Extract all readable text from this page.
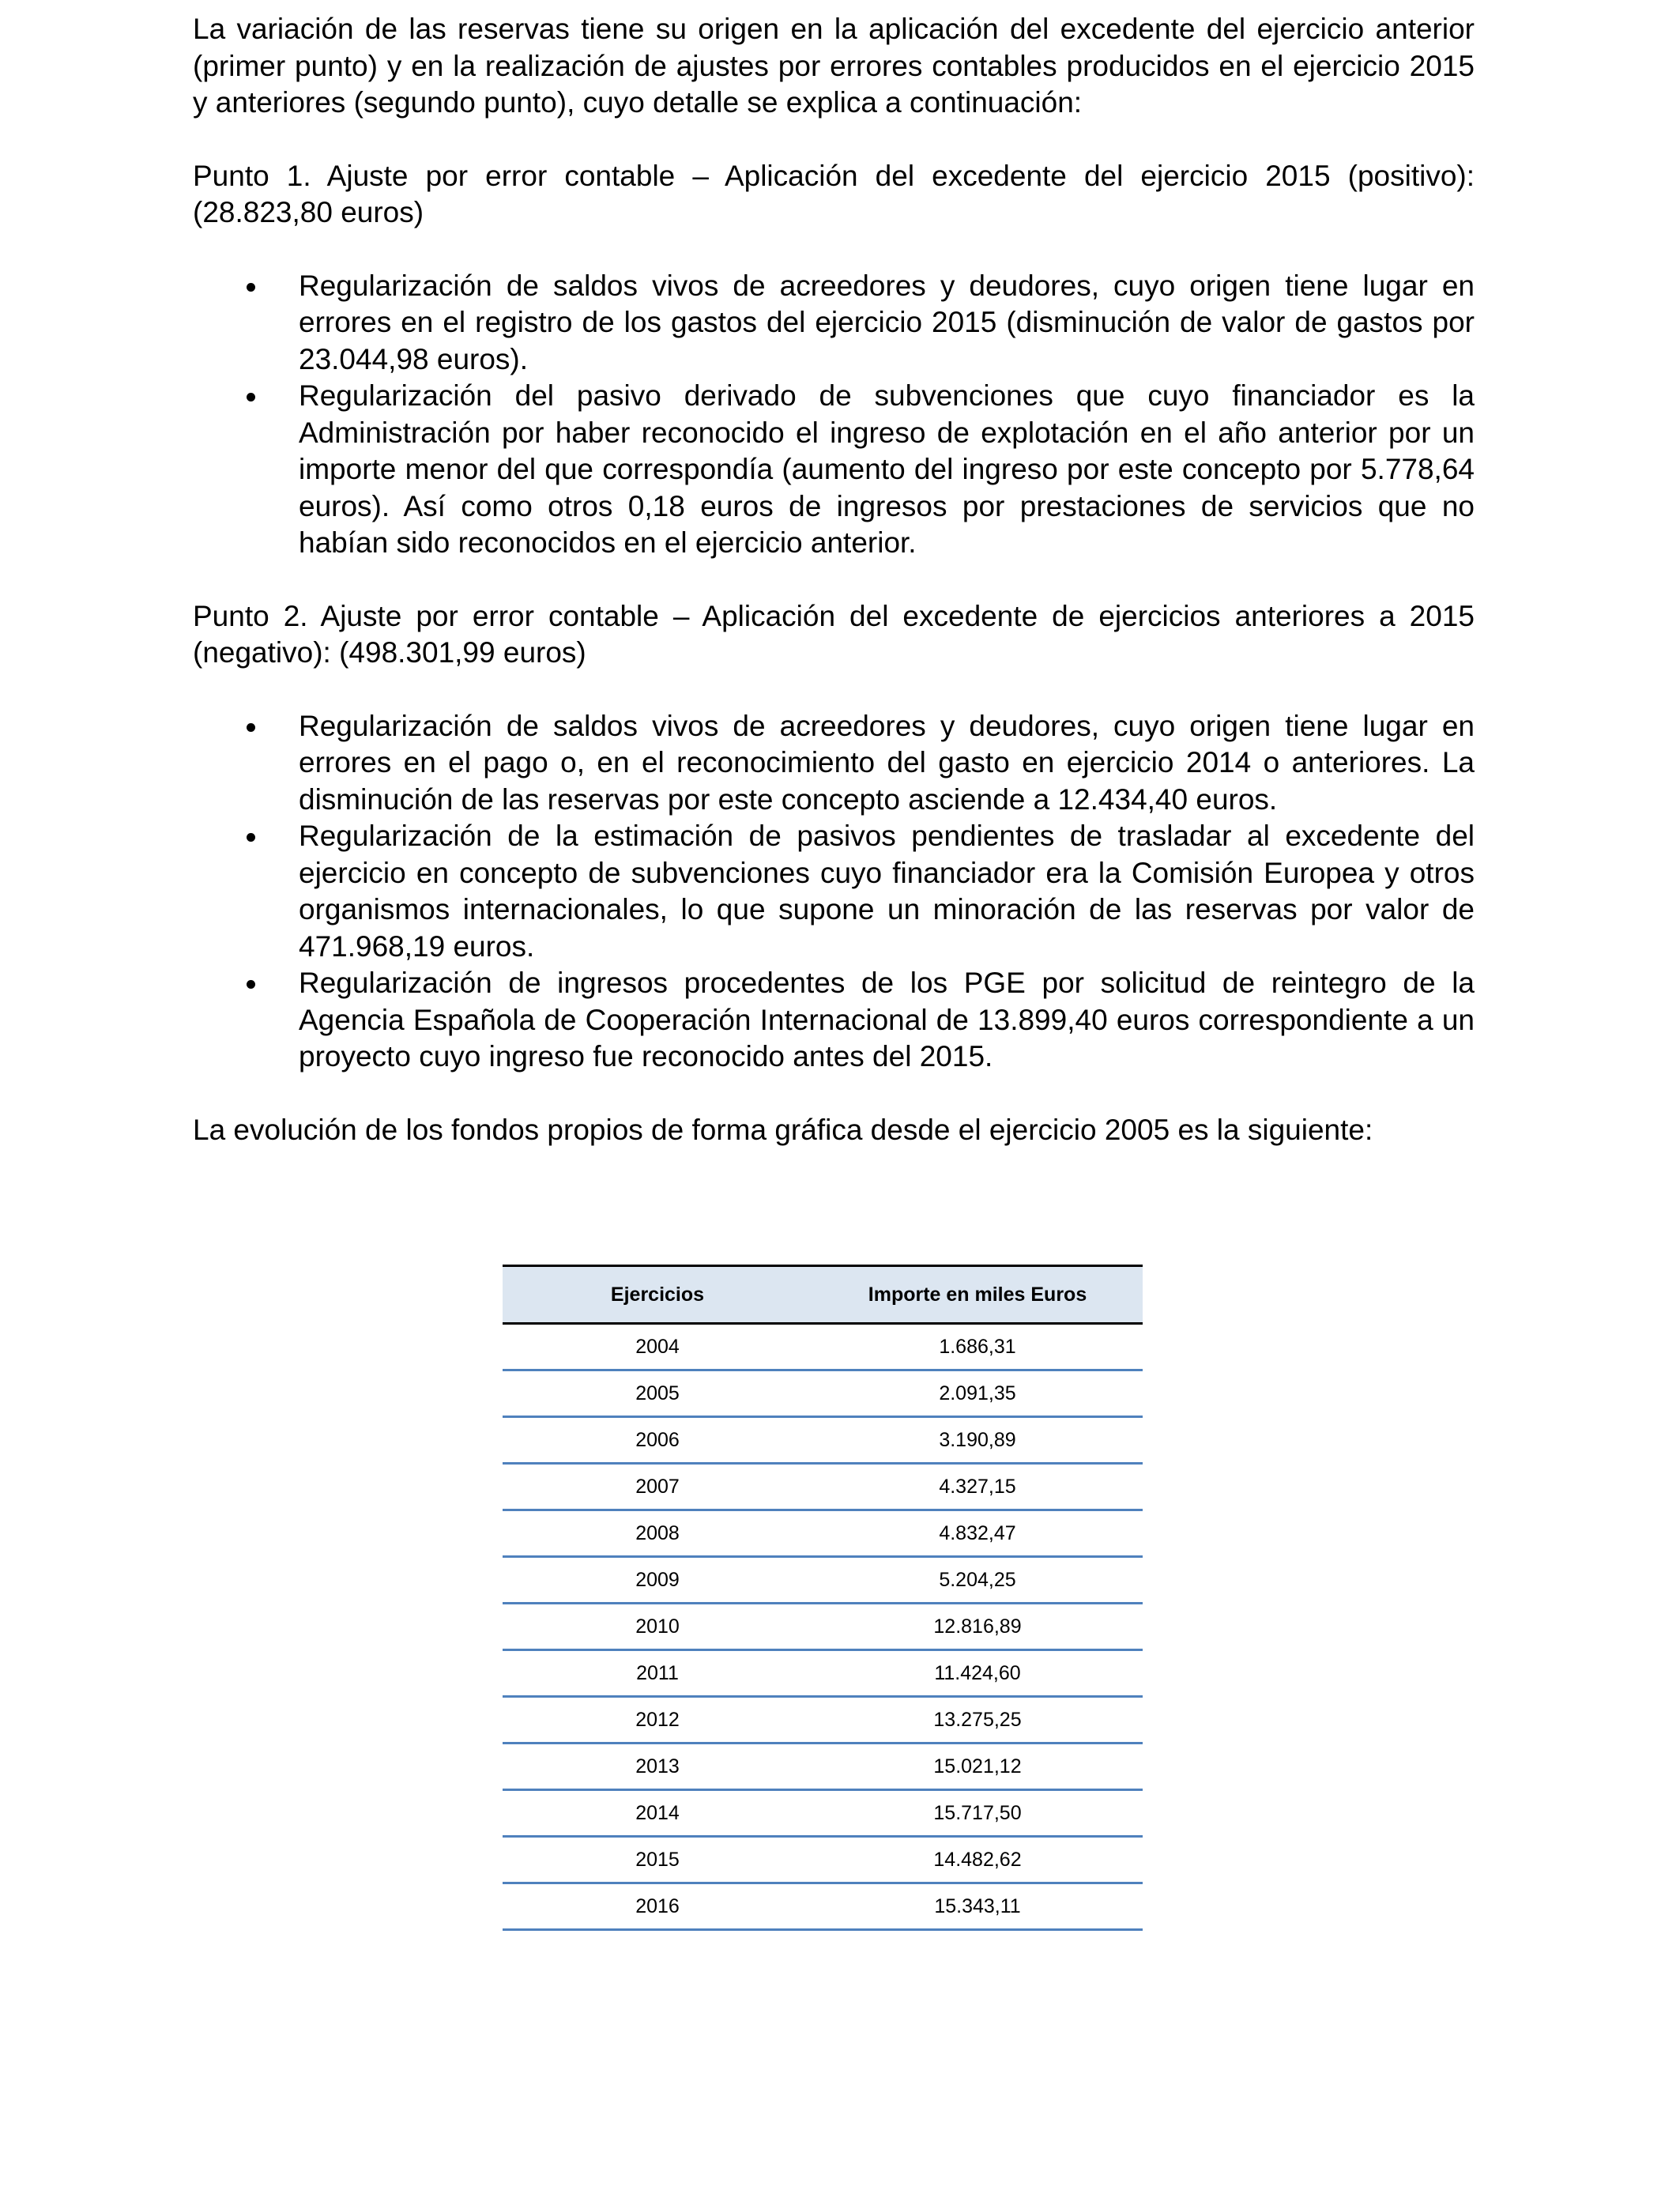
La variación de las reservas tiene su origen en la aplicación del excedente del ejercicio anterior (primer punto) y en la realización de ajustes por errores contables producidos en el ejercicio 2015 y anteriores (segundo punto), cuyo detalle se explica a continuación:

Punto 1. Ajuste por error contable – Aplicación del excedente del ejercicio 2015 (positivo): (28.823,80 euros)

Regularización de saldos vivos de acreedores y deudores, cuyo origen tiene lugar en errores en el registro de los gastos del ejercicio 2015 (disminución de valor de gastos por 23.044,98 euros).
Regularización del pasivo derivado de subvenciones que cuyo financiador es la Administración por haber reconocido el ingreso de explotación en el año anterior por un importe menor del que correspondía (aumento del ingreso por este concepto por 5.778,64 euros). Así como otros 0,18 euros de ingresos por prestaciones de servicios que no habían sido reconocidos en el ejercicio anterior.

Punto 2. Ajuste por error contable – Aplicación del excedente de ejercicios anteriores a 2015 (negativo): (498.301,99 euros)

Regularización de saldos vivos de acreedores y deudores, cuyo origen tiene lugar en errores en el pago o, en el reconocimiento del gasto en ejercicio 2014 o anteriores. La disminución de las reservas por este concepto asciende a 12.434,40 euros.
Regularización de la estimación de pasivos pendientes de trasladar al excedente del ejercicio en concepto de subvenciones cuyo financiador era la Comisión Europea y otros organismos internacionales, lo que supone un minoración de las reservas por valor de 471.968,19 euros.
Regularización de ingresos procedentes de los PGE por solicitud de reintegro de la Agencia Española de Cooperación Internacional de 13.899,40 euros correspondiente a un proyecto cuyo ingreso fue reconocido antes del 2015.

La evolución de los fondos propios de forma gráfica desde el ejercicio 2005 es la siguiente:

Ejercicios	Importe en miles Euros
2004	1.686,31
2005	2.091,35
2006	3.190,89
2007	4.327,15
2008	4.832,47
2009	5.204,25
2010	12.816,89
2011	11.424,60
2012	13.275,25
2013	15.021,12
2014	15.717,50
2015	14.482,62
2016	15.343,11
